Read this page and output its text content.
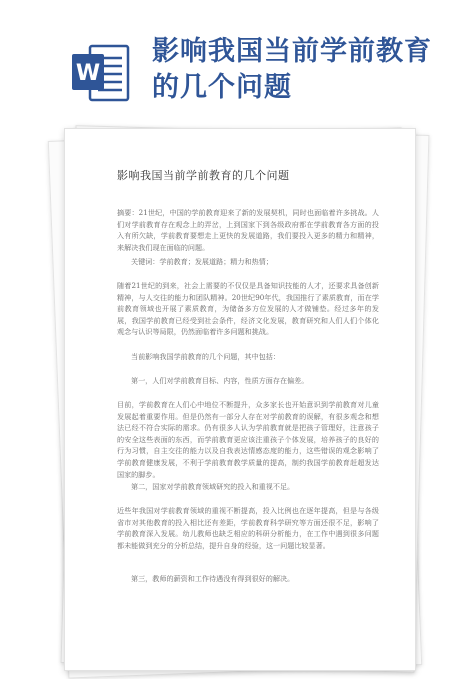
W
影响我国当前学前教育的几个问题
影响我国当前学前教育的几个问题

摘要：21世纪，中国的学前教育迎来了新的发展契机，同时也面临着许多挑战。人们对学前教育存在观念上的弄岔，上到国家下到各级政府都在学前教育各方面的投入有所欠缺，学前教育要想走上更快的发展道路，我们要投入更多的精力和精神，来解决我们现在面临的问题。

关键词：学前教育；发展道路；精力和热情；

随着21世纪的到来，社会上需要的不仅仅是具备知识技能的人才，还要求具备创新精神，与人交往的能力和团队精神。20世纪90年代，我国推行了素质教育，而在学前教育领域也开展了素质教育，为储备多方位发展的人才做铺垫。经过多年的发展，我国学前教育已经受到社会条件，经济文化发展，教育研究和人们人们个体化观念与认识等局限，仍然面临着许多问题和挑战。

当前影响我国学前教育的几个问题，其中包括：

第一，人们对学前教育目标、内容，性质方面存在偏差。

目前，学前教育在人们心中地位不断提升，众多家长也开始意识到学前教育对儿童发展起着重要作用。但是仍然有一部分人存在对学前教育的误解，有很多观念和想法已经不符合实际的需求。仍有很多人认为学前教育就是把孩子管理好，注意孩子的安全这些表面的东西，而学前教育更应该注重孩子个体发展，培养孩子的良好的行为习惯，自主交往的能力以及自我表达情感态度的能力，这些错误的观念影响了学前教育健康发展，不利于学前教育教学质量的提高，制约我国学前教育赶超发达国家的脚步。

第二，国家对学前教育领域研究的投入和重视不足。

近些年我国对学前教育领域的重视不断提高，投入比例也在逐年提高，但是与各级省市对其他教育的投入相比还有差距，学前教育科学研究等方面还很不足，影响了学前教育深入发展。幼儿教师也缺乏相应的科研分析能力，在工作中遇到很多问题都未能做到充分的分析总结，提升自身的经验，这一问题比较显著。

第三，教师的薪资和工作待遇没有得到很好的解决。
